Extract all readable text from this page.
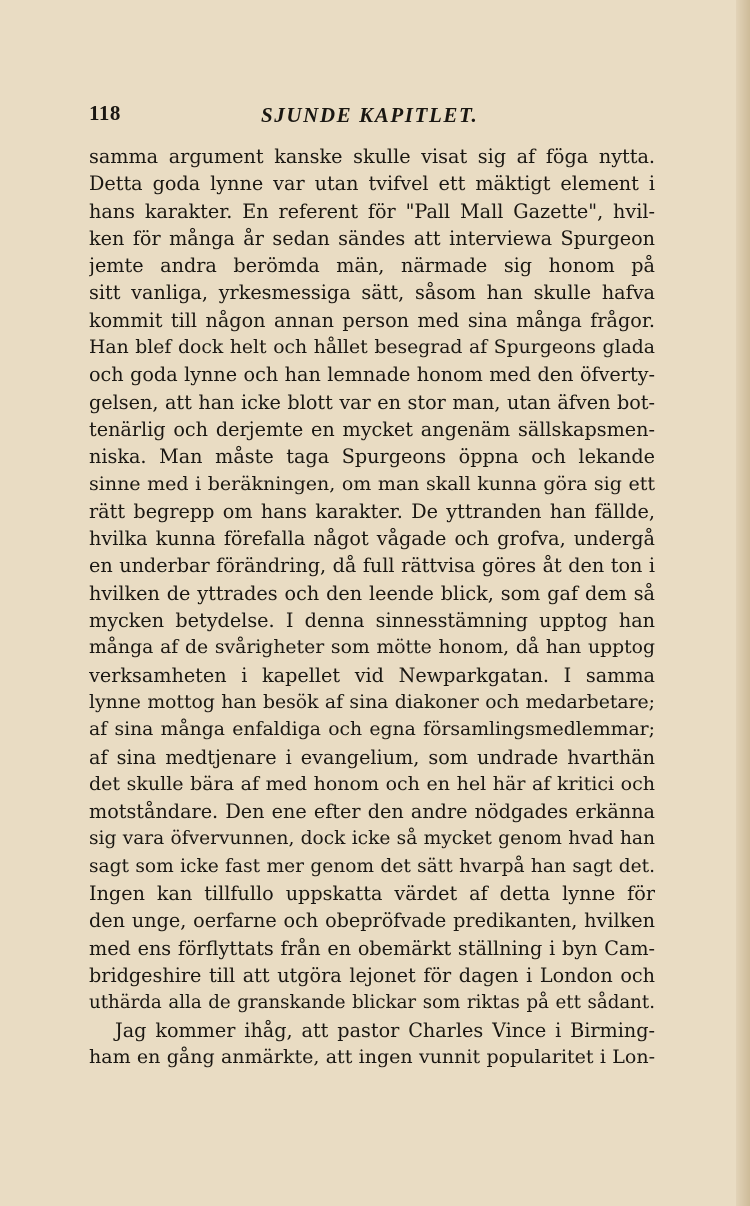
118	SJUNDE KAPITLET.
samma argument kanske skulle visat sig af föga nytta.
Detta goda lynne var utan tvifvel ett mäktigt element i
hans karakter. En referent för "Pall Mall Gazette", hvil-
ken för många år sedan sändes att interviewa Spurgeon
jemte andra berömda män, närmade sig honom på
sitt vanliga, yrkesmessiga sätt, såsom han skulle hafva
kommit till någon annan person med sina många frågor.
Han blef dock helt och hållet besegrad af Spurgeons glada
och goda lynne och han lemnade honom med den öfverty-
gelsen, att han icke blott var en stor man, utan äfven bot-
tenärlig och derjemte en mycket angenäm sällskapsmen-
niska. Man måste taga Spurgeons öppna och lekande
sinne med i beräkningen, om man skall kunna göra sig ett
rätt begrepp om hans karakter. De yttranden han fällde,
hvilka kunna förefalla något vågade och grofva, undergå
en underbar förändring, då full rättvisa göres åt den ton i
hvilken de yttrades och den leende blick, som gaf dem så
mycken betydelse. I denna sinnesstämning upptog han
många af de svårigheter som mötte honom, då han upptog
verksamheten i kapellet vid Newparkgatan. I samma
lynne mottog han besök af sina diakoner och medarbetare;
af sina många enfaldiga och egna församlingsmedlemmar;
af sina medtjenare i evangelium, som undrade hvarthän
det skulle bära af med honom och en hel här af kritici och
motståndare. Den ene efter den andre nödgades erkänna
sig vara öfvervunnen, dock icke så mycket genom hvad han
sagt som icke fast mer genom det sätt hvarpå han sagt det.
Ingen kan tillfullo uppskatta värdet af detta lynne för
den unge, oerfarne och obepröfvade predikanten, hvilken
med ens förflyttats från en obemärkt ställning i byn Cam-
bridgeshire till att utgöra lejonet för dagen i London och
uthärda alla de granskande blickar som riktas på ett sådant.
Jag kommer ihåg, att pastor Charles Vince i Birming-
ham en gång anmärkte, att ingen vunnit popularitet i Lon-
